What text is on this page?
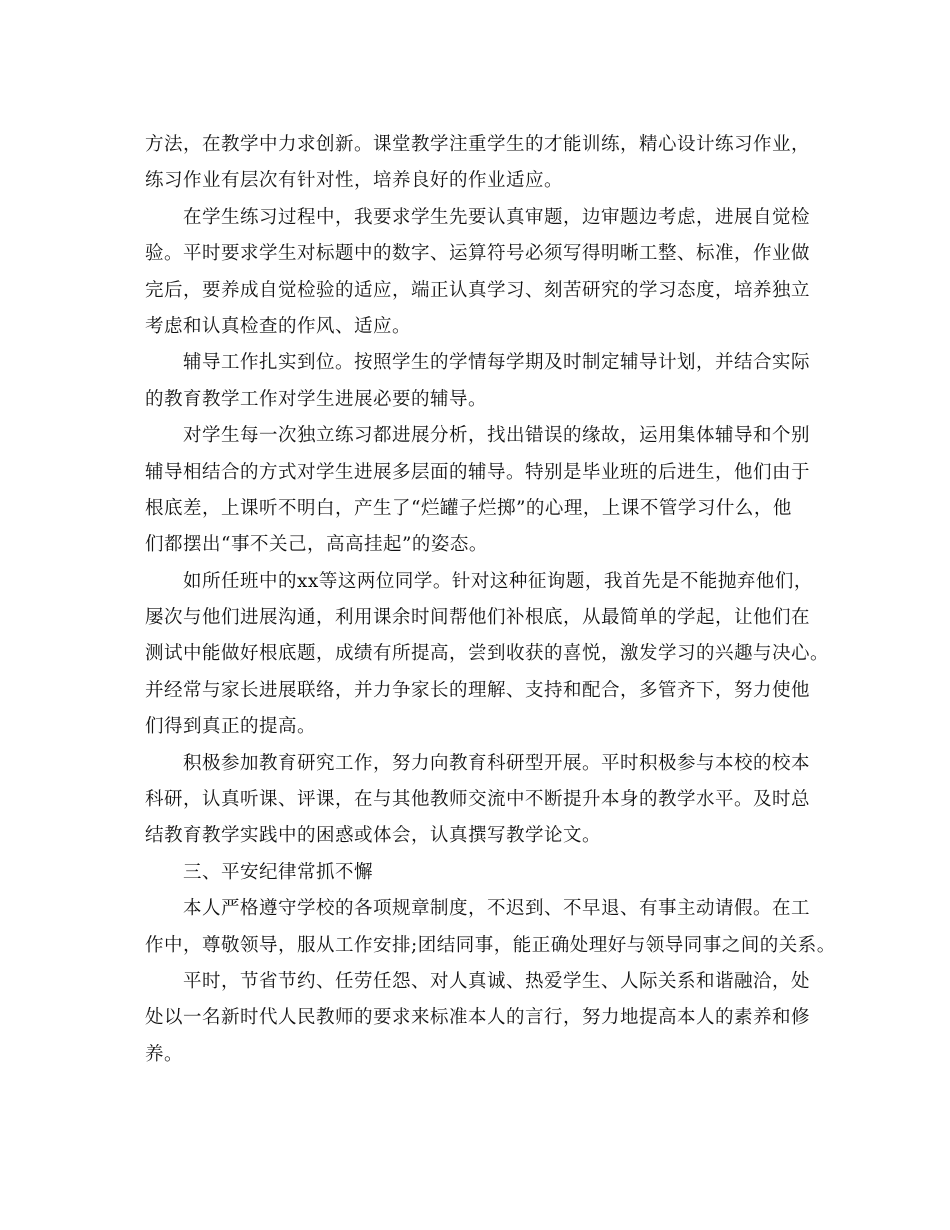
方法，在教学中力求创新。课堂教学注重学生的才能训练，精心设计练习作业，
练习作业有层次有针对性，培养良好的作业适应。
在学生练习过程中，我要求学生先要认真审题，边审题边考虑，进展自觉检
验。平时要求学生对标题中的数字、运算符号必须写得明晰工整、标准，作业做
完后，要养成自觉检验的适应，端正认真学习、刻苦研究的学习态度，培养独立
考虑和认真检查的作风、适应。
辅导工作扎实到位。按照学生的学情每学期及时制定辅导计划，并结合实际
的教育教学工作对学生进展必要的辅导。
对学生每一次独立练习都进展分析，找出错误的缘故，运用集体辅导和个别
辅导相结合的方式对学生进展多层面的辅导。特别是毕业班的后进生，他们由于
根底差，上课听不明白，产生了“烂罐子烂掷”的心理，上课不管学习什么，他
们都摆出“事不关己，高高挂起”的姿态。
如所任班中的xx等这两位同学。针对这种征询题，我首先是不能抛弃他们，
屡次与他们进展沟通，利用课余时间帮他们补根底，从最简单的学起，让他们在
测试中能做好根底题，成绩有所提高，尝到收获的喜悦，激发学习的兴趣与决心。
并经常与家长进展联络，并力争家长的理解、支持和配合，多管齐下，努力使他
们得到真正的提高。
积极参加教育研究工作，努力向教育科研型开展。平时积极参与本校的校本
科研，认真听课、评课，在与其他教师交流中不断提升本身的教学水平。及时总
结教育教学实践中的困惑或体会，认真撰写教学论文。
三、平安纪律常抓不懈
本人严格遵守学校的各项规章制度，不迟到、不早退、有事主动请假。在工
作中，尊敬领导，服从工作安排;团结同事，能正确处理好与领导同事之间的关系。
平时，节省节约、任劳任怨、对人真诚、热爱学生、人际关系和谐融洽，处
处以一名新时代人民教师的要求来标准本人的言行，努力地提高本人的素养和修
养。
